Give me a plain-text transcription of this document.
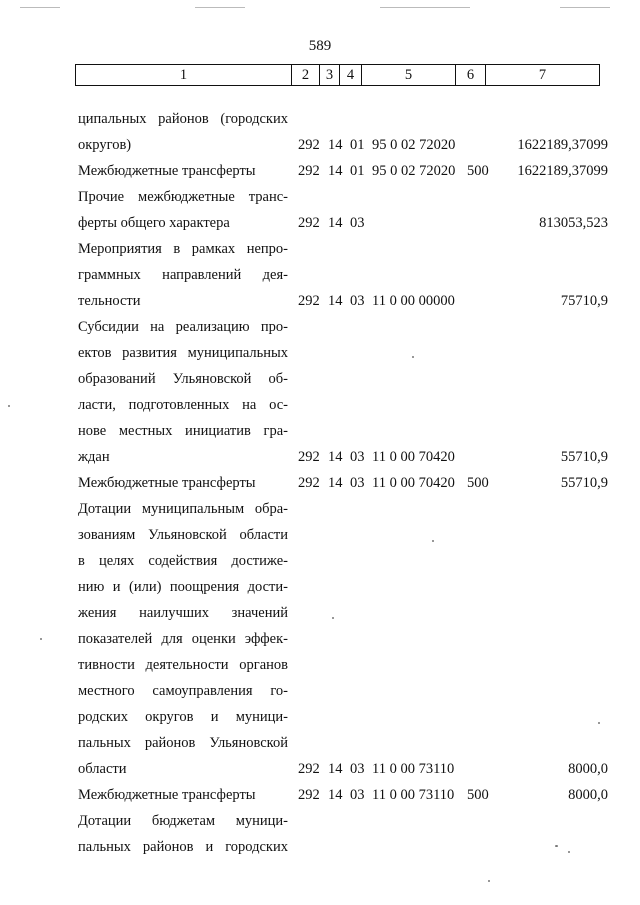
589
1	2	3	4	5	6	7
ципальных районов (городских
округов)	292 14 01 95 0 02 72020	1622189,37099
Межбюджетные трансферты	292 14 01 95 0 02 72020 500	1622189,37099
Прочие межбюджетные транс-
ферты общего характера	292 14 03	813053,523
Мероприятия в рамках непро-
граммных направлений дея-
тельности	292 14 03 11 0 00 00000	75710,9
Субсидии на реализацию про-
ектов развития муниципальных
образований Ульяновской об-
ласти, подготовленных на ос-
нове местных инициатив гра-
ждан	292 14 03 11 0 00 70420	55710,9
Межбюджетные трансферты	292 14 03 11 0 00 70420 500	55710,9
Дотации муниципальным обра-
зованиям Ульяновской области
в целях содействия достиже-
нию и (или) поощрения дости-
жения наилучших значений
показателей для оценки эффек-
тивности деятельности органов
местного самоуправления го-
родских округов и муници-
пальных районов Ульяновской
области	292 14 03 11 0 00 73110	8000,0
Межбюджетные трансферты	292 14 03 11 0 00 73110 500	8000,0
Дотации бюджетам муници-
пальных районов и городских
